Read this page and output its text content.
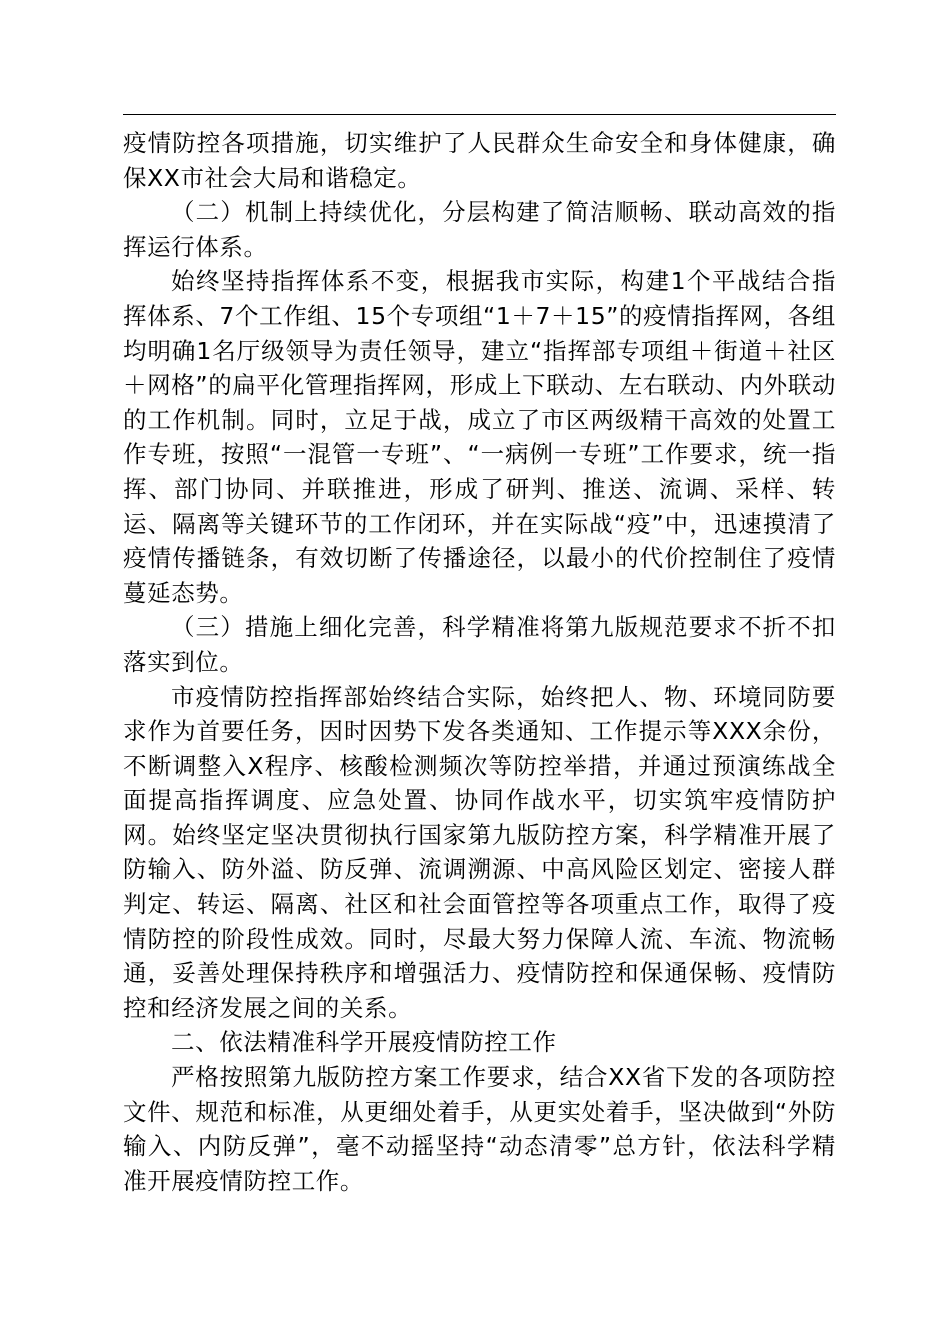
疫情防控各项措施，切实维护了人民群众生命安全和身体健康，确保XX市社会大局和谐稳定。

（二）机制上持续优化，分层构建了简洁顺畅、联动高效的指挥运行体系。

始终坚持指挥体系不变，根据我市实际，构建1个平战结合指挥体系、7个工作组、15个专项组“1＋7＋15”的疫情指挥网，各组均明确1名厅级领导为责任领导，建立“指挥部专项组＋街道＋社区＋网格”的扁平化管理指挥网，形成上下联动、左右联动、内外联动的工作机制。同时，立足于战，成立了市区两级精干高效的处置工作专班，按照“一混管一专班”、“一病例一专班”工作要求，统一指挥、部门协同、并联推进，形成了研判、推送、流调、采样、转运、隔离等关键环节的工作闭环，并在实际战“疫”中，迅速摸清了疫情传播链条，有效切断了传播途径，以最小的代价控制住了疫情蔓延态势。

（三）措施上细化完善，科学精准将第九版规范要求不折不扣落实到位。

市疫情防控指挥部始终结合实际，始终把人、物、环境同防要求作为首要任务，因时因势下发各类通知、工作提示等XXX余份，不断调整入X程序、核酸检测频次等防控举措，并通过预演练战全面提高指挥调度、应急处置、协同作战水平，切实筑牢疫情防护网。始终坚定坚决贯彻执行国家第九版防控方案，科学精准开展了防输入、防外溢、防反弹、流调溯源、中高风险区划定、密接人群判定、转运、隔离、社区和社会面管控等各项重点工作，取得了疫情防控的阶段性成效。同时，尽最大努力保障人流、车流、物流畅通，妥善处理保持秩序和增强活力、疫情防控和保通保畅、疫情防控和经济发展之间的关系。

二、依法精准科学开展疫情防控工作

严格按照第九版防控方案工作要求，结合XX省下发的各项防控文件、规范和标准，从更细处着手，从更实处着手，坚决做到“外防输入、内防反弹”，毫不动摇坚持“动态清零”总方针，依法科学精准开展疫情防控工作。
